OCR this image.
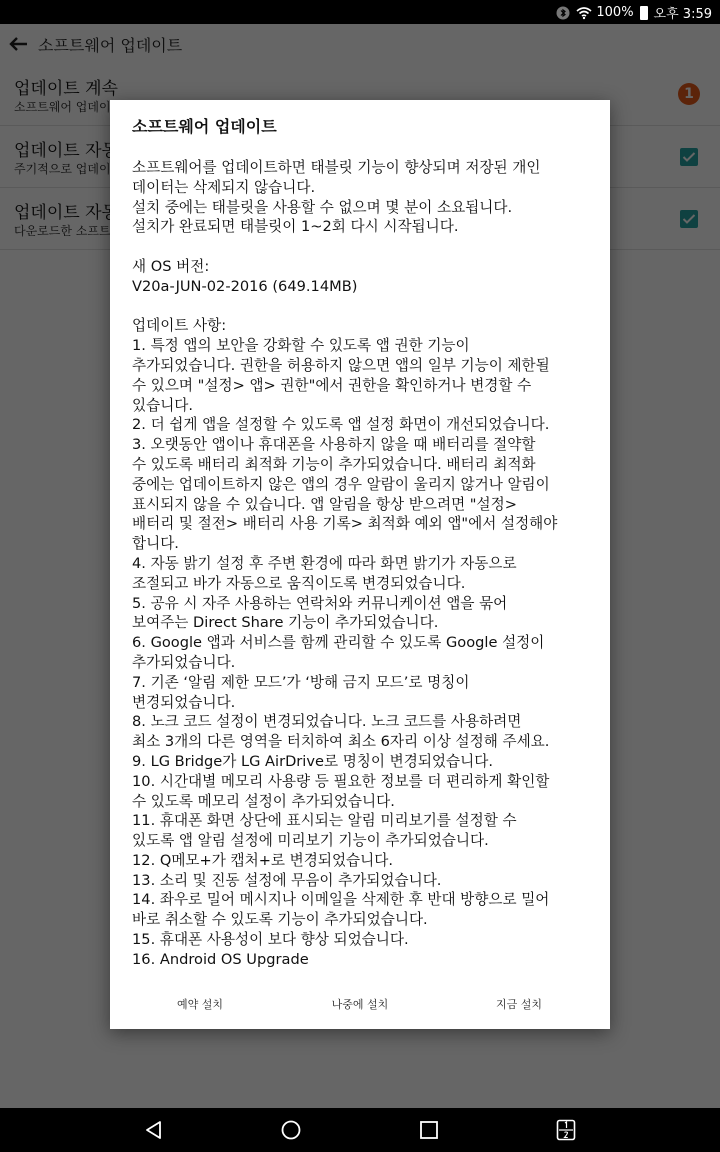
100% 오후 3:59
소프트웨어 업데이트
소프트웨어를 업데이트하면 태블릿 기능이 향상되며 저장된 개인
데이터는 삭제되지 않습니다.
설치 중에는 태블릿을 사용할 수 없으며 몇 분이 소요됩니다.
설치가 완료되면 태블릿이 1~2회 다시 시작됩니다.
새 OS 버전:
V20a-JUN-02-2016 (649.14MB)
업데이트 사항:
1. 특정 앱의 보안을 강화할 수 있도록 앱 권한 기능이
추가되었습니다. 권한을 허용하지 않으면 앱의 일부 기능이 제한될
수 있으며 "설정> 앱> 권한"에서 권한을 확인하거나 변경할 수
있습니다.
2. 더 쉽게 앱을 설정할 수 있도록 앱 설정 화면이 개선되었습니다.
3. 오랫동안 앱이나 휴대폰을 사용하지 않을 때 배터리를 절약할
수 있도록 배터리 최적화 기능이 추가되었습니다. 배터리 최적화
중에는 업데이트하지 않은 앱의 경우 알람이 울리지 않거나 알림이
표시되지 않을 수 있습니다. 앱 알림을 항상 받으려면 "설정>
배터리 및 절전> 배터리 사용 기록> 최적화 예외 앱"에서 설정해야
합니다.
4. 자동 밝기 설정 후 주변 환경에 따라 화면 밝기가 자동으로
조절되고 바가 자동으로 움직이도록 변경되었습니다.
5. 공유 시 자주 사용하는 연락처와 커뮤니케이션 앱을 묶어
보여주는 Direct Share 기능이 추가되었습니다.
6. Google 앱과 서비스를 함께 관리할 수 있도록 Google 설정이
추가되었습니다.
7. 기존 ‘알림 제한 모드’가 ‘방해 금지 모드’로 명칭이
변경되었습니다.
8. 노크 코드 설정이 변경되었습니다. 노크 코드를 사용하려면
최소 3개의 다른 영역을 터치하여 최소 6자리 이상 설정해 주세요.
9. LG Bridge가 LG AirDrive로 명칭이 변경되었습니다.
10. 시간대별 메모리 사용량 등 필요한 정보를 더 편리하게 확인할
수 있도록 메모리 설정이 추가되었습니다.
11. 휴대폰 화면 상단에 표시되는 알림 미리보기를 설정할 수
있도록 앱 알림 설정에 미리보기 기능이 추가되었습니다.
12. Q메모+가 캡처+로 변경되었습니다.
13. 소리 및 진동 설정에 무음이 추가되었습니다.
14. 좌우로 밀어 메시지나 이메일을 삭제한 후 반대 방향으로 밀어
바로 취소할 수 있도록 기능이 추가되었습니다.
15. 휴대폰 사용성이 보다 향상 되었습니다.
16. Android OS Upgrade
예약 설치	나중에 설치	지금 설치
